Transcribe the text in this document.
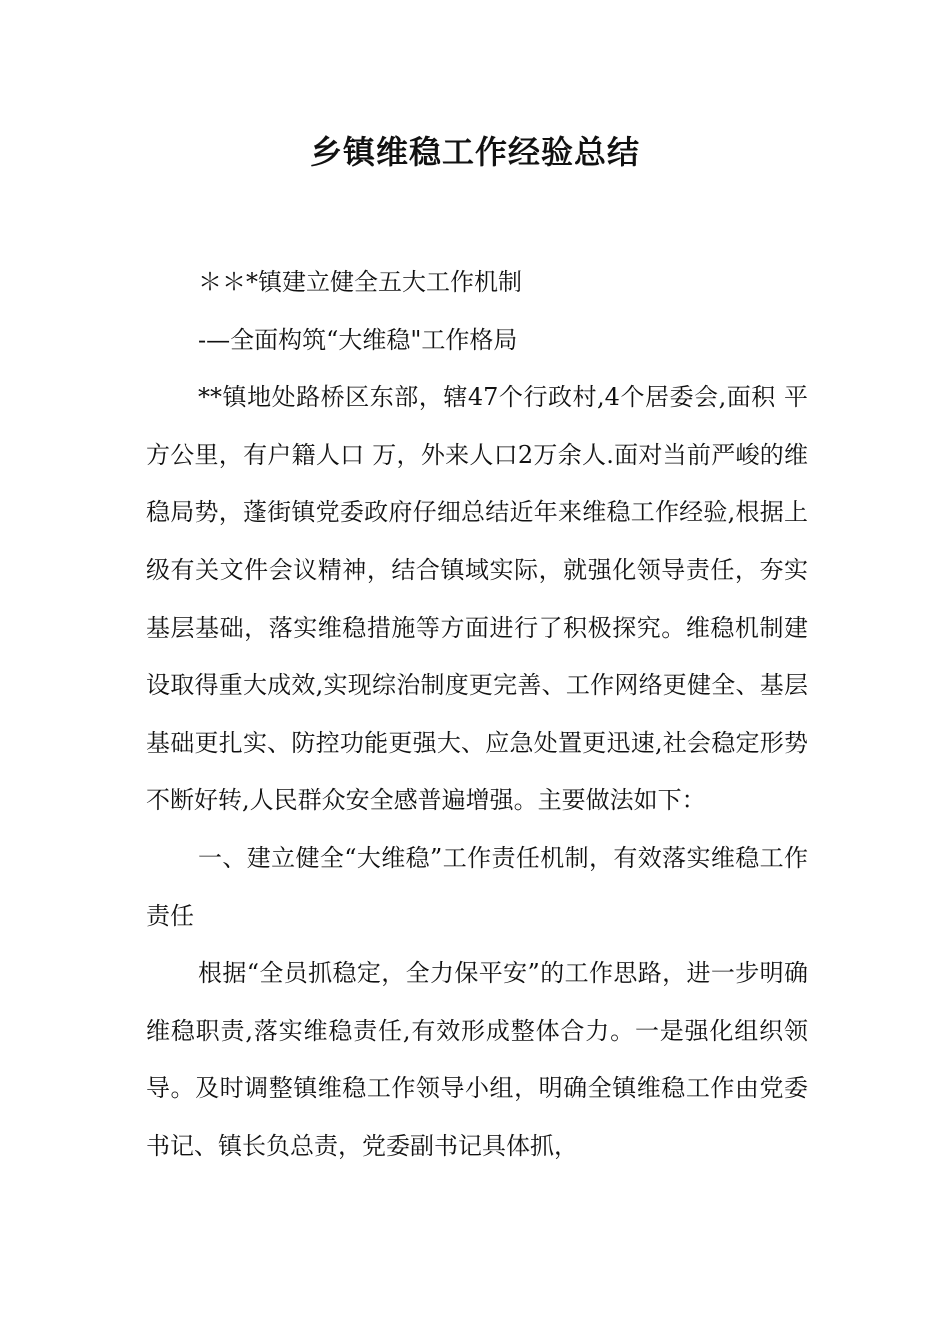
乡镇维稳工作经验总结

＊＊*镇建立健全五大工作机制

-—全面构筑“大维稳"工作格局

**镇地处路桥区东部，辖47个行政村,4个居委会,面积 平方公里，有户籍人口 万，外来人口2万余人.面对当前严峻的维稳局势，蓬街镇党委政府仔细总结近年来维稳工作经验,根据上级有关文件会议精神，结合镇域实际，就强化领导责任，夯实基层基础，落实维稳措施等方面进行了积极探究。维稳机制建设取得重大成效,实现综治制度更完善、工作网络更健全、基层基础更扎实、防控功能更强大、应急处置更迅速,社会稳定形势不断好转,人民群众安全感普遍增强。主要做法如下：

一、建立健全“大维稳”工作责任机制，有效落实维稳工作责任

根据“全员抓稳定，全力保平安”的工作思路，进一步明确维稳职责,落实维稳责任,有效形成整体合力。一是强化组织领导。及时调整镇维稳工作领导小组，明确全镇维稳工作由党委书记、镇长负总责，党委副书记具体抓，
